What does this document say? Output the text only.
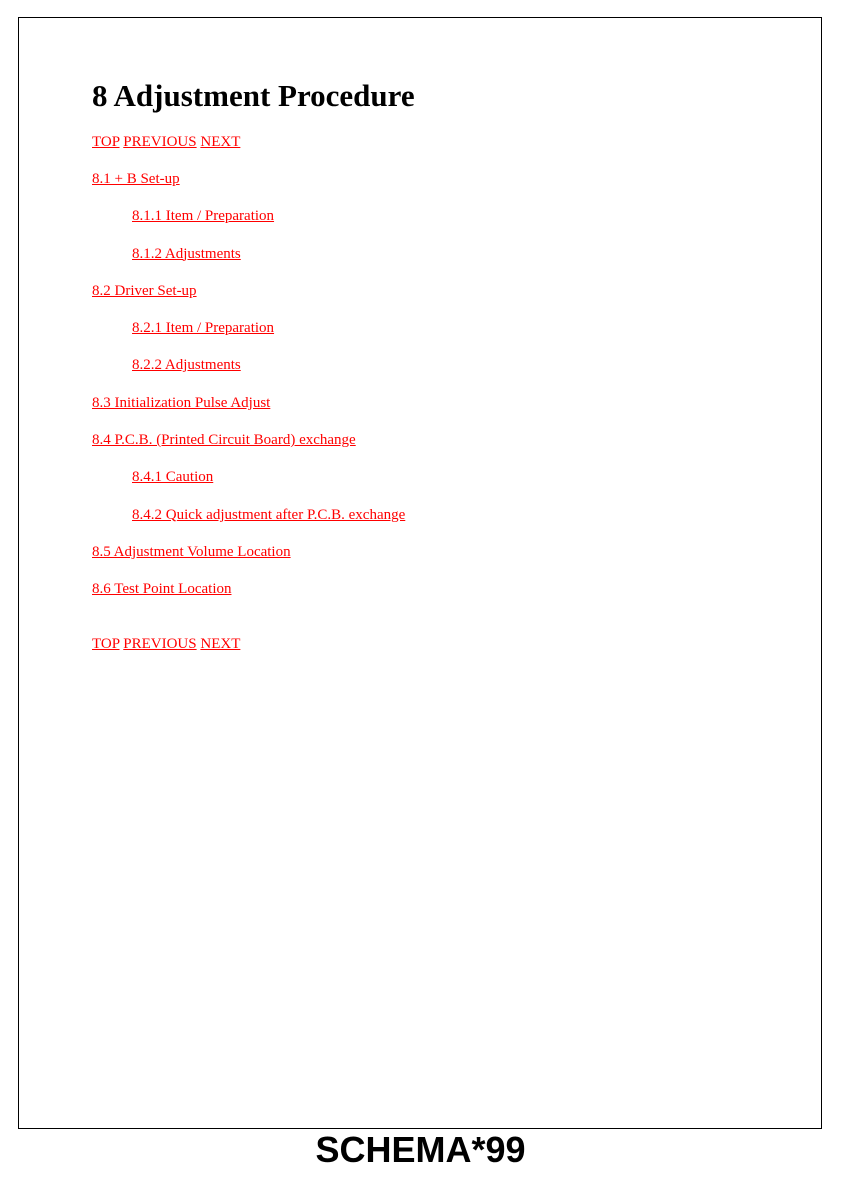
8 Adjustment Procedure
TOP PREVIOUS NEXT
8.1 + B Set-up
8.1.1 Item / Preparation
8.1.2 Adjustments
8.2 Driver Set-up
8.2.1 Item / Preparation
8.2.2 Adjustments
8.3 Initialization Pulse Adjust
8.4 P.C.B. (Printed Circuit Board) exchange
8.4.1 Caution
8.4.2 Quick adjustment after P.C.B. exchange
8.5 Adjustment Volume Location
8.6 Test Point Location
TOP PREVIOUS NEXT
SCHEMA*99
